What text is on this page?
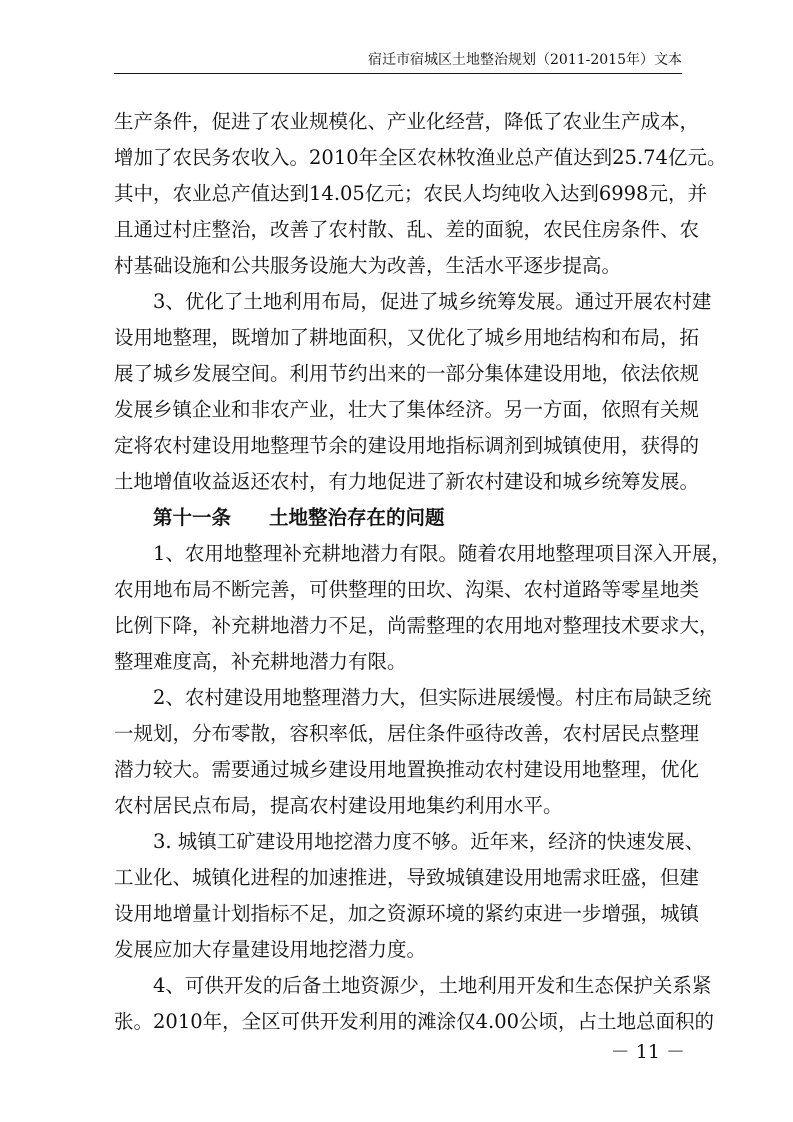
宿迁市宿城区土地整治规划（2011-2015年）文本
生产条件，促进了农业规模化、产业化经营，降低了农业生产成本，
增加了农民务农收入。2010年全区农林牧渔业总产值达到25.74亿元。
其中，农业总产值达到14.05亿元；农民人均纯收入达到6998元，并
且通过村庄整治，改善了农村散、乱、差的面貌，农民住房条件、农
村基础设施和公共服务设施大为改善，生活水平逐步提高。
3、优化了土地利用布局，促进了城乡统筹发展。通过开展农村建
设用地整理，既增加了耕地面积，又优化了城乡用地结构和布局，拓
展了城乡发展空间。利用节约出来的一部分集体建设用地，依法依规
发展乡镇企业和非农产业，壮大了集体经济。另一方面，依照有关规
定将农村建设用地整理节余的建设用地指标调剂到城镇使用，获得的
土地增值收益返还农村，有力地促进了新农村建设和城乡统筹发展。
第十一条 土地整治存在的问题
1、农用地整理补充耕地潜力有限。随着农用地整理项目深入开展，
农用地布局不断完善，可供整理的田坎、沟渠、农村道路等零星地类
比例下降，补充耕地潜力不足，尚需整理的农用地对整理技术要求大，
整理难度高，补充耕地潜力有限。
2、农村建设用地整理潜力大，但实际进展缓慢。村庄布局缺乏统
一规划，分布零散，容积率低，居住条件亟待改善，农村居民点整理
潜力较大。需要通过城乡建设用地置换推动农村建设用地整理，优化
农村居民点布局，提高农村建设用地集约利用水平。
3. 城镇工矿建设用地挖潜力度不够。近年来，经济的快速发展、
工业化、城镇化进程的加速推进，导致城镇建设用地需求旺盛，但建
设用地增量计划指标不足，加之资源环境的紧约束进一步增强，城镇
发展应加大存量建设用地挖潜力度。
4、可供开发的后备土地资源少，土地利用开发和生态保护关系紧
张。2010年，全区可供开发利用的滩涂仅4.00公顷，占土地总面积的
－ 11 －
